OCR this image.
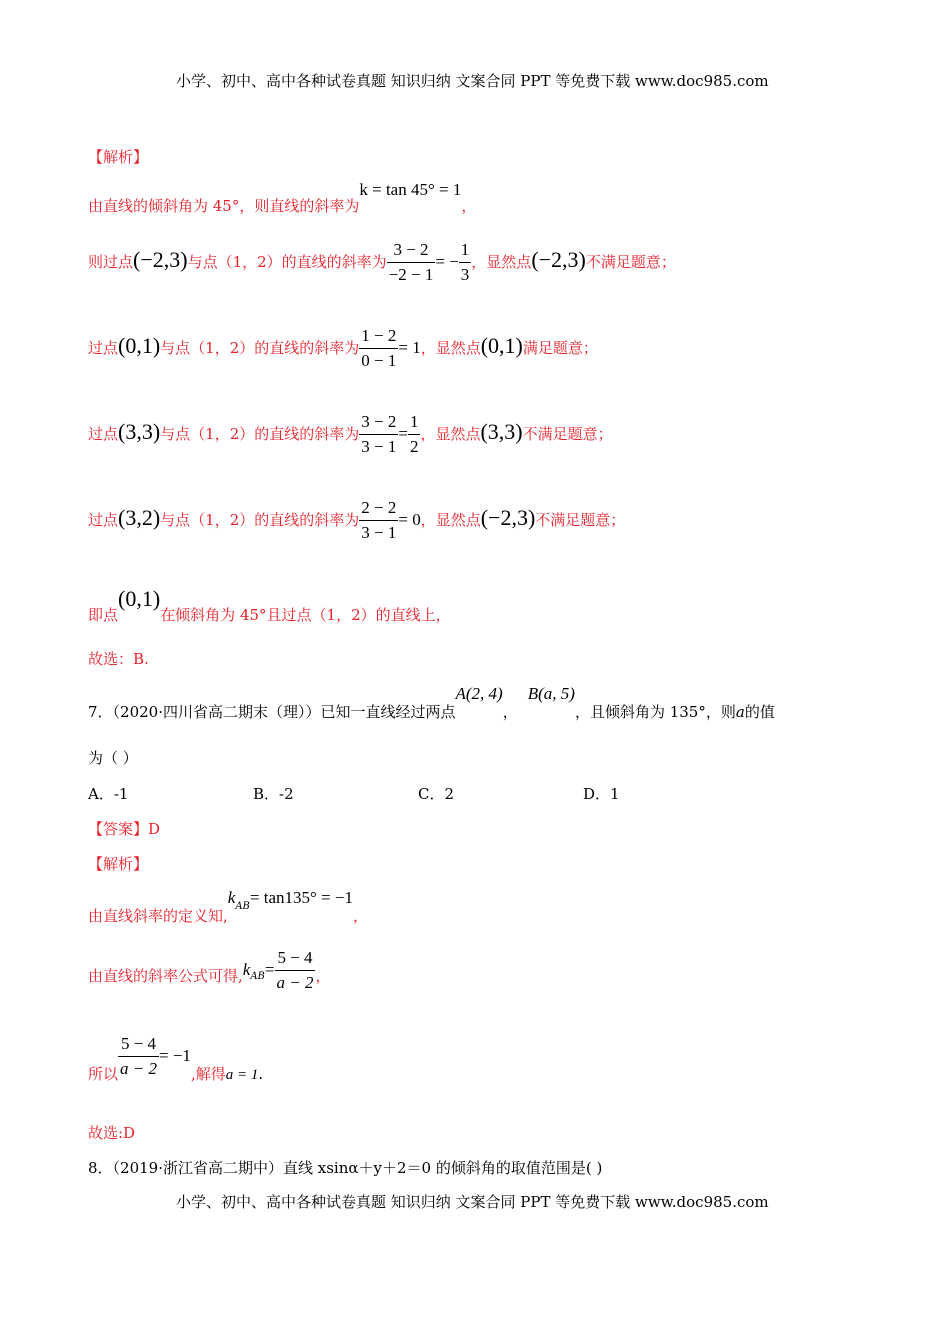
小学、初中、高中各种试卷真题 知识归纳 文案合同 PPT 等免费下载 www.doc985.com
【解析】
由直线的倾斜角为 45°，则直线的斜率为k = tan 45° = 1，
则过点(−2,3)与点（1，2）的直线的斜率为 $\frac{3 - 2}{-2 - 1}$ = − $\frac{1}{3}$ ，显然点(−2,3)不满足题意；
过点(0,1)与点（1，2）的直线的斜率为 $\frac{1 - 2}{0 - 1} = 1$，显然点(0,1)满足题意；
过点(3,3)与点（1，2）的直线的斜率为 $\frac{3 - 2}{3 - 1} = \frac{1}{2}$ ，显然点(3,3)不满足题意；
过点(3,2)与点（1，2）的直线的斜率为 $\frac{2 - 2}{3 - 1} = 0$，显然点(−2,3)不满足题意；
即点(0,1)在倾斜角为 45°且过点（1，2）的直线上，
故选：B.
7．（2020·四川省高二期末（理））已知一直线经过两点A(2, 4)，B(a, 5)，且倾斜角为 135°，则a的值
为（ ）
A．-1	B．-2	C．2	D．1
【答案】D
【解析】
由直线斜率的定义知,kAB= tan135° = −1，
由直线的斜率公式可得$,k_{AB}= \frac{5 - 4}{a - 2}$ ，
所以 $\frac{5 - 4}{a - 2} = -1$,解得a = 1.
故选:D
8．（2019·浙江省高二期中）直线 xsinα＋y＋2＝0 的倾斜角的取值范围是( )
小学、初中、高中各种试卷真题 知识归纳 文案合同 PPT 等免费下载 www.doc985.com
